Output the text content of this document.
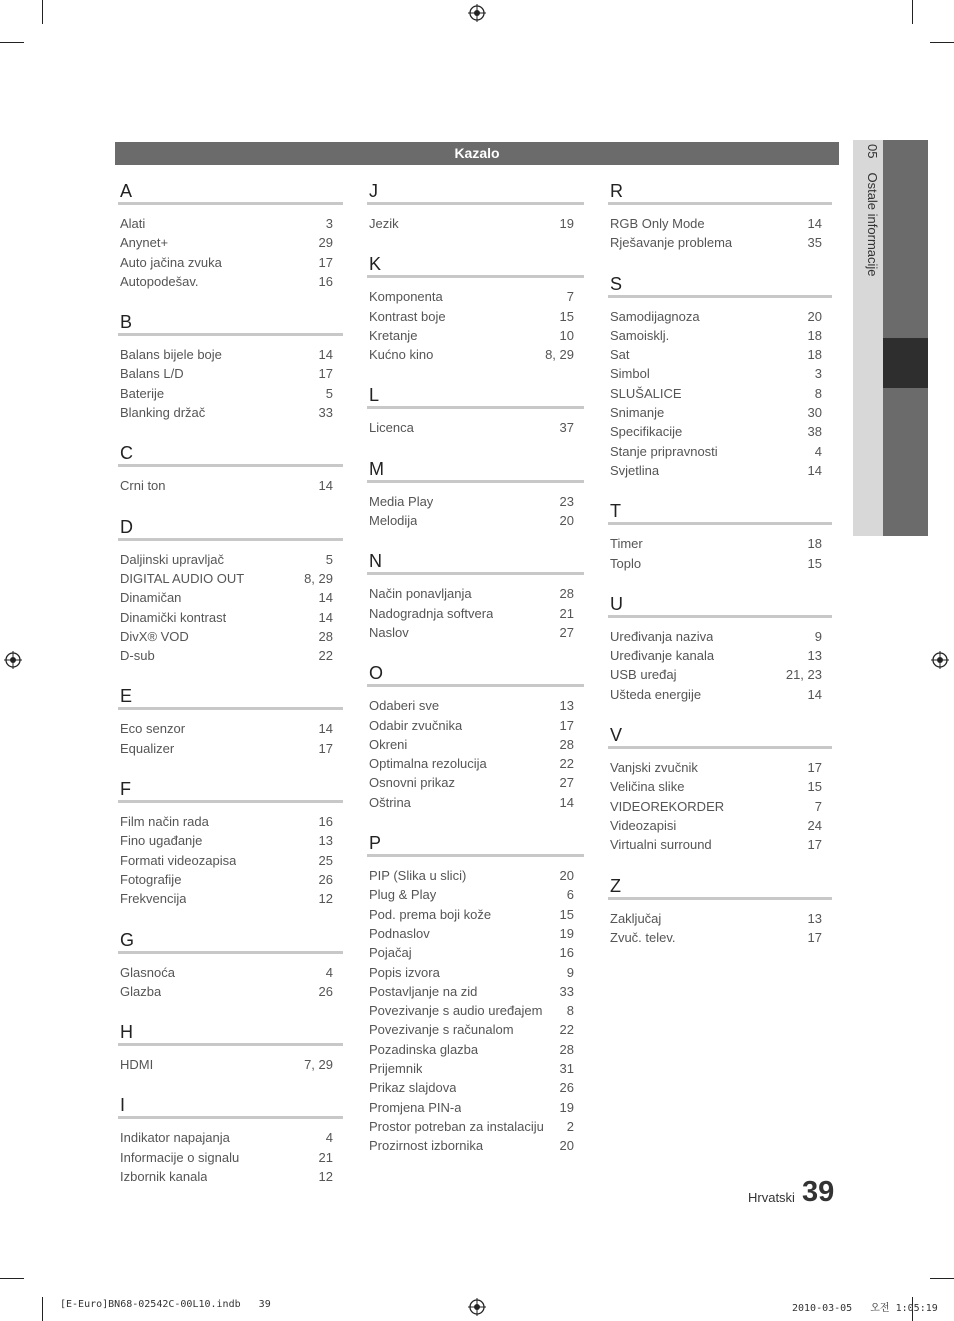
05Ostale informacije
Kazalo
A
Alati	3
Anynet+	29
Auto jačina zvuka	17
Autopodešav.	16
B
Balans bijele boje	14
Balans L/D	17
Baterije	5
Blanking držač	33
C
Crni ton	14
D
Daljinski upravljač	5
DIGITAL AUDIO OUT	8, 29
Dinamičan	14
Dinamički kontrast	14
DivX® VOD	28
D-sub	22
E
Eco senzor	14
Equalizer	17
F
Film način rada	16
Fino ugađanje	13
Formati videozapisa	25
Fotografije	26
Frekvencija	12
G
Glasnoća	4
Glazba	26
H
HDMI	7, 29
I
Indikator napajanja	4
Informacije o signalu	21
Izbornik kanala	12
J
Jezik	19
K
Komponenta	7
Kontrast boje	15
Kretanje	10
Kućno kino	8, 29
L
Licenca	37
M
Media Play	23
Melodija	20
N
Način ponavljanja	28
Nadogradnja softvera	21
Naslov	27
O
Odaberi sve	13
Odabir zvučnika	17
Okreni	28
Optimalna rezolucija	22
Osnovni prikaz	27
Oštrina	14
P
PIP (Slika u slici)	20
Plug & Play	6
Pod. prema boji kože	15
Podnaslov	19
Pojačaj	16
Popis izvora	9
Postavljanje na zid	33
Povezivanje s audio uređajem 8
Povezivanje s računalom	22
Pozadinska glazba	28
Prijemnik	31
Prikaz slajdova	26
Promjena PIN-a	19
Prostor potreban za instalaciju 2
Prozirnost izbornika	20
R
RGB Only Mode	14
Rješavanje problema	35
S
Samodijagnoza	20
Samoisklj.	18
Sat	18
Simbol	3
SLUŠALICE	8
Snimanje	30
Specifikacije	38
Stanje pripravnosti	4
Svjetlina	14
T
Timer	18
Toplo	15
U
Uređivanja naziva	9
Uređivanje kanala	13
USB uređaj	21, 23
Ušteda energije	14
V
Vanjski zvučnik	17
Veličina slike	15
VIDEOREKORDER	7
Videozapisi	24
Virtualni surround	17
Z
Zaključaj	13
Zvuč. telev.	17
Hrvatski 39
[E-Euro]BN68-02542C-00L10.indb   39	2010-03-05   오전 1:05:19
